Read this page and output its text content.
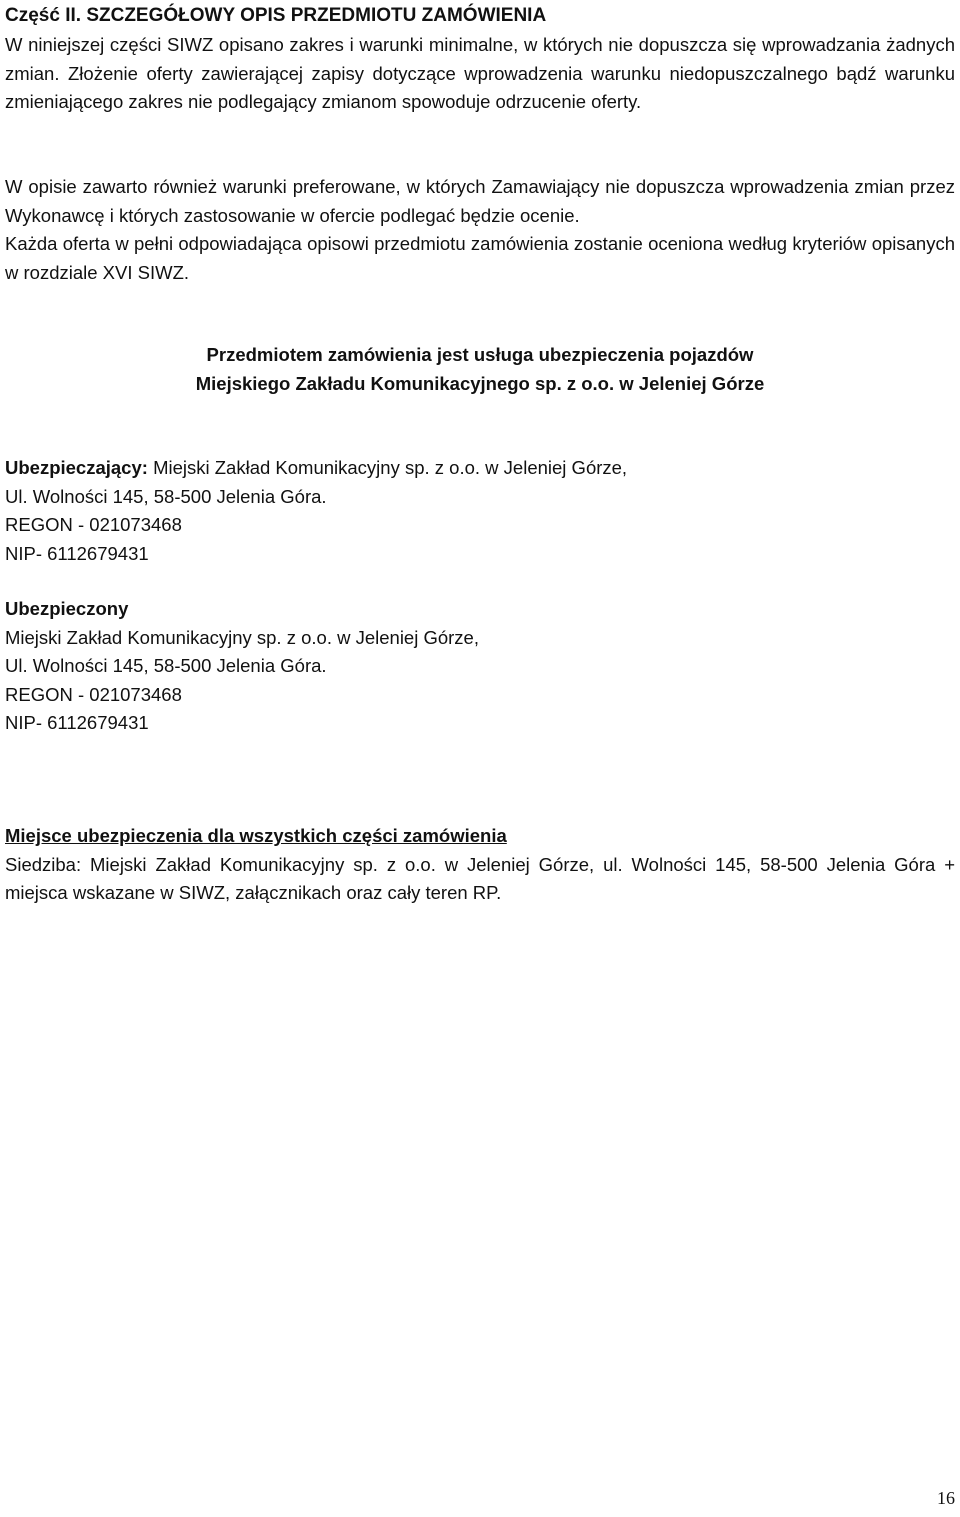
Część II. SZCZEGÓŁOWY OPIS PRZEDMIOTU ZAMÓWIENIA
W niniejszej części SIWZ opisano zakres i warunki minimalne, w których nie dopuszcza się wprowadzania żadnych zmian. Złożenie oferty zawierającej zapisy dotyczące wprowadzenia warunku niedopuszczalnego bądź warunku zmieniającego zakres nie podlegający zmianom spowoduje odrzucenie oferty.
W opisie zawarto również warunki preferowane, w których Zamawiający nie dopuszcza wprowadzenia zmian przez Wykonawcę i których zastosowanie w ofercie podlegać będzie ocenie.
Każda oferta w pełni odpowiadająca opisowi przedmiotu zamówienia zostanie oceniona według kryteriów opisanych w rozdziale XVI SIWZ.
Przedmiotem zamówienia jest usługa ubezpieczenia pojazdów
Miejskiego Zakładu Komunikacyjnego sp. z o.o. w Jeleniej Górze
Ubezpieczający: Miejski Zakład Komunikacyjny sp. z o.o. w Jeleniej Górze,
Ul. Wolności 145, 58-500 Jelenia Góra.
REGON - 021073468
NIP- 6112679431
Ubezpieczony
Miejski Zakład Komunikacyjny sp. z o.o. w Jeleniej Górze,
Ul. Wolności 145, 58-500 Jelenia Góra.
REGON - 021073468
NIP- 6112679431
Miejsce ubezpieczenia dla wszystkich części zamówienia
Siedziba: Miejski Zakład Komunikacyjny sp. z o.o. w Jeleniej Górze, ul. Wolności 145, 58-500 Jelenia Góra + miejsca wskazane w SIWZ, załącznikach oraz cały teren RP.
16
